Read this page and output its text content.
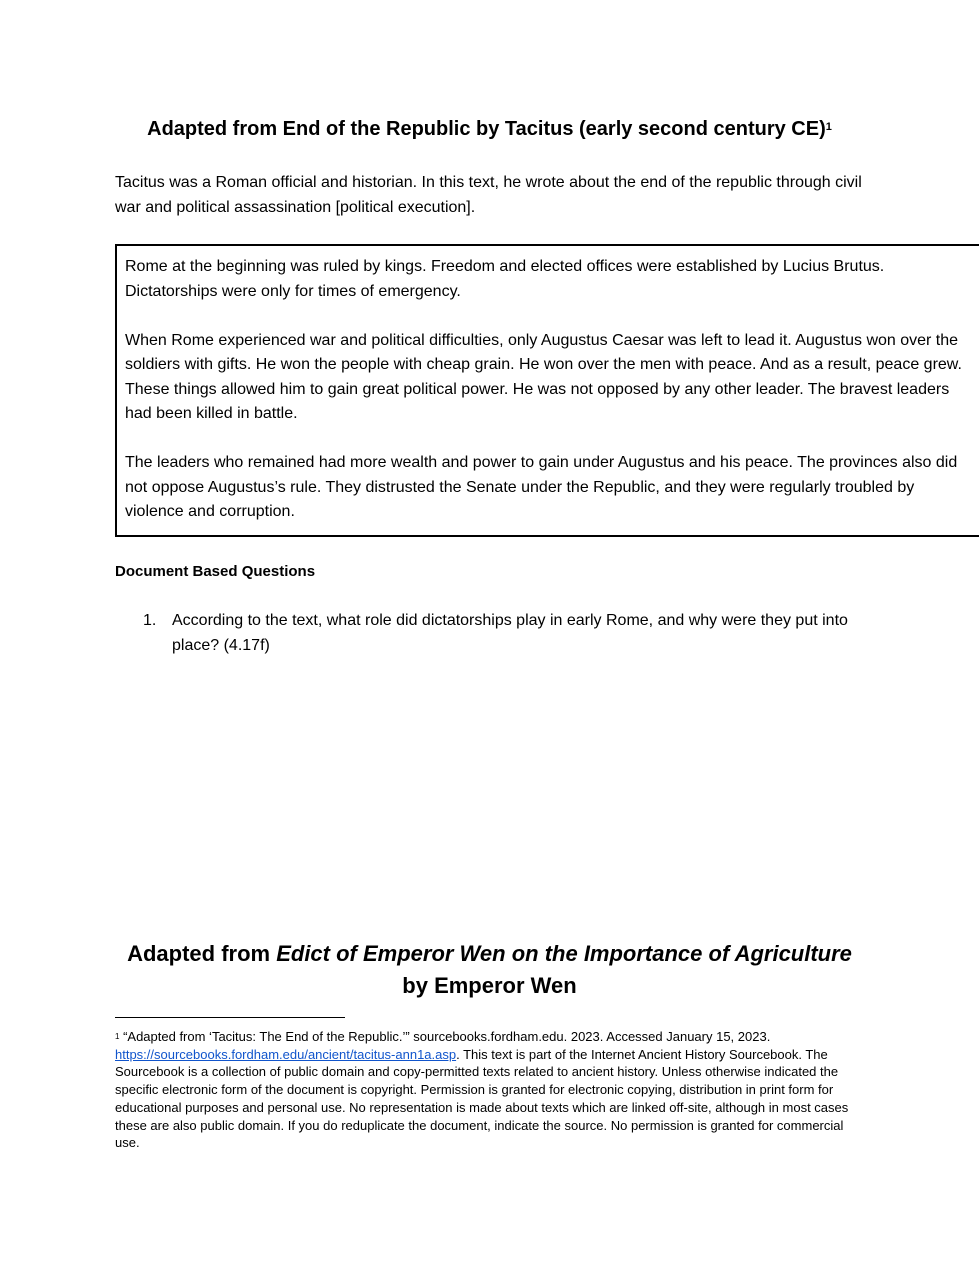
Adapted from End of the Republic by Tacitus (early second century CE)$^1$
Tacitus was a Roman official and historian. In this text, he wrote about the end of the republic through civil war and political assassination [political execution].

Rome at the beginning was ruled by kings. Freedom and elected offices were established by Lucius Brutus. Dictatorships were only for times of emergency.

When Rome experienced war and political difficulties, only Augustus Caesar was left to lead it. Augustus won over the soldiers with gifts. He won the people with cheap grain. He won over the men with peace. And as a result, peace grew. These things allowed him to gain great political power. He was not opposed by any other leader. The bravest leaders had been killed in battle.

The leaders who remained had more wealth and power to gain under Augustus and his peace. The provinces also did not oppose Augustus’s rule. They distrusted the Senate under the Republic, and they were regularly troubled by violence and corruption.

Document Based Questions
1. According to the text, what role did dictatorships play in early Rome, and why were they put into place? (4.17f)
Adapted from Edict of Emperor Wen on the Importance of Agriculture by Emperor Wen
$^1$ “Adapted from ‘Tacitus: The End of the Republic.’” sourcebooks.fordham.edu. 2023. Accessed January 15, 2023.
https://sourcebooks.fordham.edu/ancient/tacitus-ann1a.asp. This text is part of the Internet Ancient History Sourcebook. The Sourcebook is a collection of public domain and copy-permitted texts related to ancient history. Unless otherwise indicated the specific electronic form of the document is copyright. Permission is granted for electronic copying, distribution in print form for educational purposes and personal use. No representation is made about texts which are linked off-site, although in most cases these are also public domain. If you do reduplicate the document, indicate the source. No permission is granted for commercial use.
